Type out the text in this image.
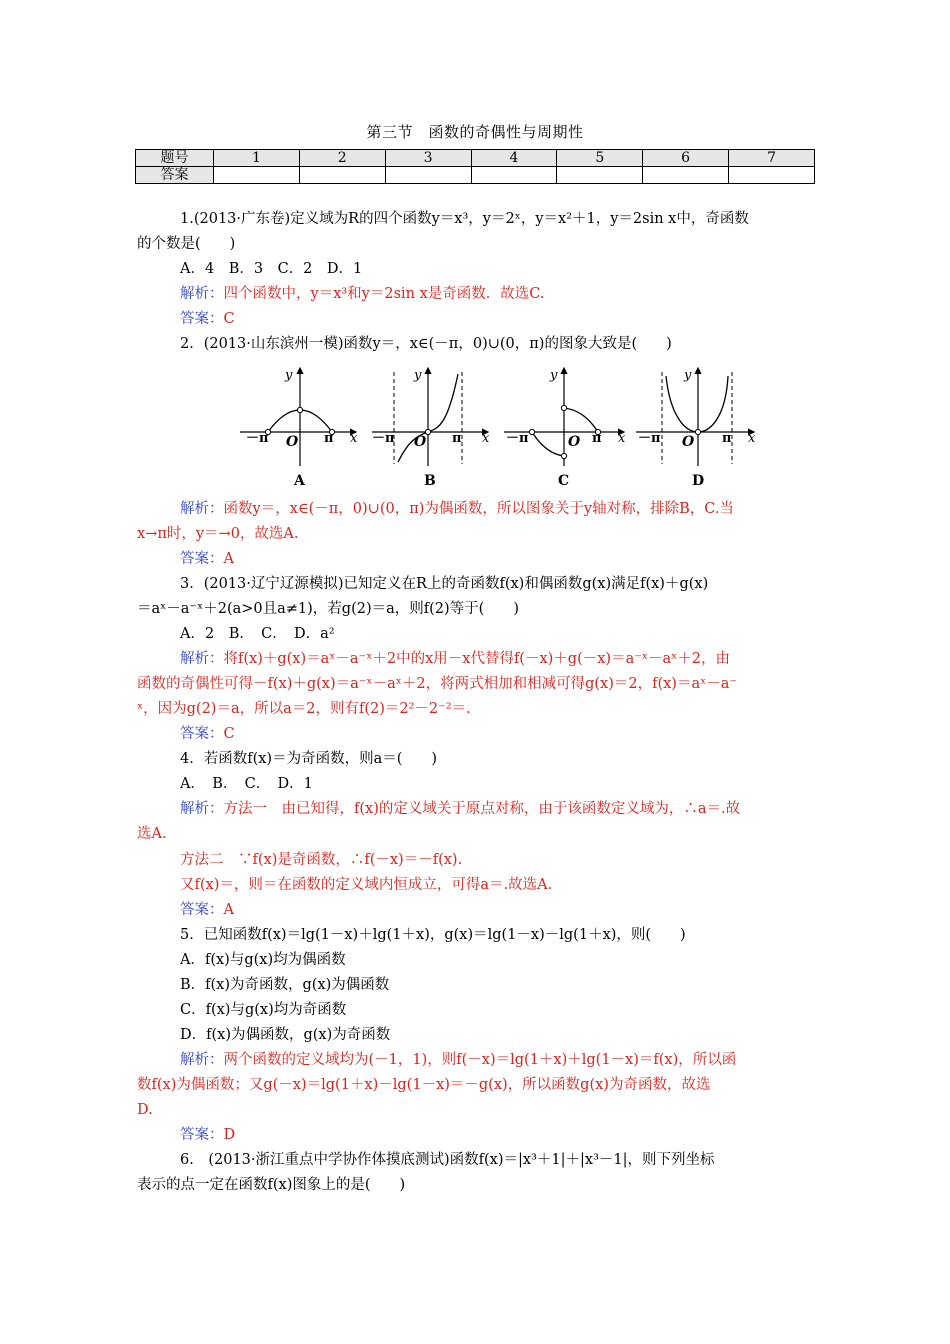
第三节　函数的奇偶性与周期性
题号	1	2	3	4	5	6	7
答案							
1.(2013·广东卷)定义域为R的四个函数y＝x³，y＝2ˣ，y＝x²＋1，y＝2sin x中，奇函数
的个数是(　　)
A．4　B．3　C．2　D．1
解析：四个函数中，y＝x³和y＝2sin x是奇函数．故选C.
答案：C
2．(2013·山东滨州一模)函数y＝，x∈(－π，0)∪(0，π)的图象大致是(　　)
y
x
O
－π	π
A
y
x
O
－π	π
B
y
x
O
－π	π
C
y
x
O
－π	π
D
解析：函数y＝，x∈(－π，0)∪(0，π)为偶函数，所以图象关于y轴对称，排除B，C.当
x→π时，y＝→0，故选A.
答案：A
3．(2013·辽宁辽源模拟)已知定义在R上的奇函数f(x)和偶函数g(x)满足f(x)＋g(x)
＝aˣ－a⁻ˣ＋2(a>0且a≠1)，若g(2)＝a，则f(2)等于(　　)
A．2　B．　C．　D．a²
解析：将f(x)＋g(x)＝aˣ－a⁻ˣ＋2中的x用－x代替得f(－x)＋g(－x)＝a⁻ˣ－aˣ＋2，由
函数的奇偶性可得－f(x)＋g(x)＝a⁻ˣ－aˣ＋2，将两式相加和相减可得g(x)＝2，f(x)＝aˣ－a⁻
ˣ，因为g(2)＝a，所以a＝2，则有f(2)＝2²－2⁻²＝.
答案：C
4．若函数f(x)＝为奇函数，则a＝(　　)
A．　B．　C．　D．1
解析：方法一　由已知得，f(x)的定义域关于原点对称，由于该函数定义域为，∴a＝.故
选A.
方法二　∵f(x)是奇函数，∴f(－x)＝－f(x).
又f(x)＝，则＝在函数的定义域内恒成立，可得a＝.故选A.
答案：A
5．已知函数f(x)＝lg(1－x)＋lg(1＋x)，g(x)＝lg(1－x)－lg(1＋x)，则(　　)
A．f(x)与g(x)均为偶函数
B．f(x)为奇函数，g(x)为偶函数
C．f(x)与g(x)均为奇函数
D．f(x)为偶函数，g(x)为奇函数
解析：两个函数的定义域均为(－1，1)，则f(－x)＝lg(1＋x)＋lg(1－x)＝f(x)，所以函
数f(x)为偶函数；又g(－x)＝lg(1＋x)－lg(1－x)＝－g(x)，所以函数g(x)为奇函数，故选
D.
答案：D
6.　(2013·浙江重点中学协作体摸底测试)函数f(x)＝|x³＋1|＋|x³－1|，则下列坐标
表示的点一定在函数f(x)图象上的是(　　)
